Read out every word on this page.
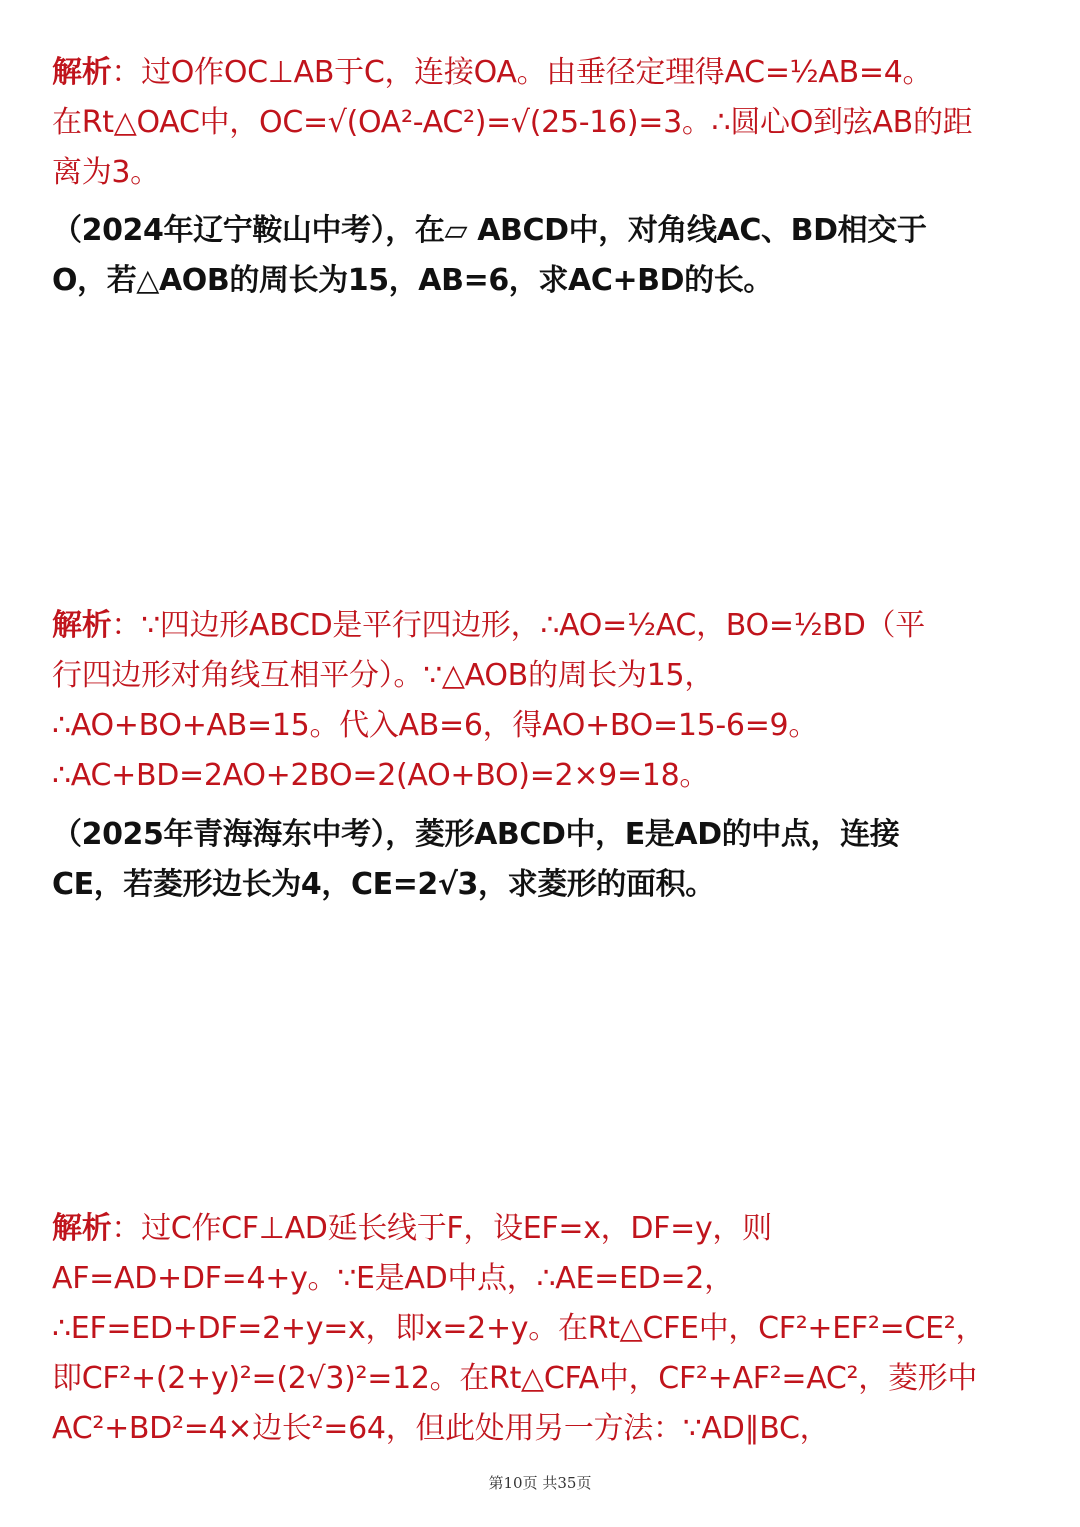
解析：过O作OC⊥AB于C，连接OA。由垂径定理得AC=½AB=4。
在Rt△OAC中，OC=√(OA²-AC²)=√(25-16)=3。∴圆心O到弦AB的距
离为3。
（2024年辽宁鞍山中考），在▱ ABCD中，对角线AC、BD相交于
O，若△AOB的周长为15，AB=6，求AC+BD的长。
解析：∵四边形ABCD是平行四边形，∴AO=½AC，BO=½BD（平
行四边形对角线互相平分）。∵△AOB的周长为15，
∴AO+BO+AB=15。代入AB=6，得AO+BO=15-6=9。
∴AC+BD=2AO+2BO=2(AO+BO)=2×9=18。
（2025年青海海东中考），菱形ABCD中，E是AD的中点，连接
CE，若菱形边长为4，CE=2√3，求菱形的面积。
解析：过C作CF⊥AD延长线于F，设EF=x，DF=y，则
AF=AD+DF=4+y。∵E是AD中点，∴AE=ED=2，
∴EF=ED+DF=2+y=x，即x=2+y。在Rt△CFE中，CF²+EF²=CE²，
即CF²+(2+y)²=(2√3)²=12。在Rt△CFA中，CF²+AF²=AC²，菱形中
AC²+BD²=4×边长²=64，但此处用另一方法：∵AD∥BC，
第10页 共35页
